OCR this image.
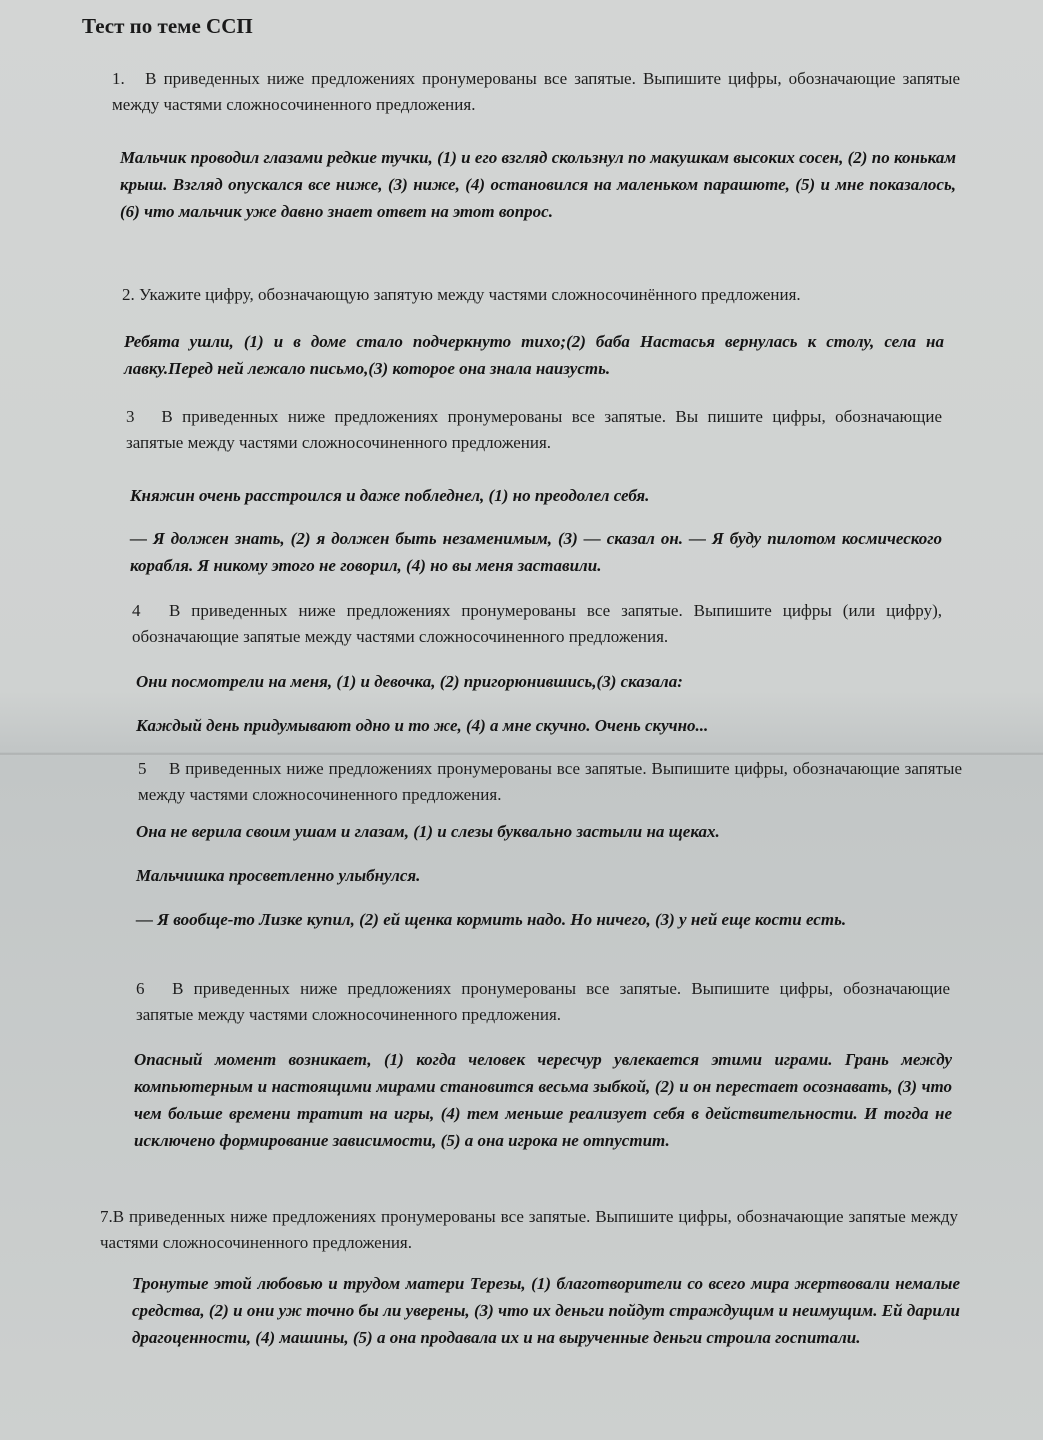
Тест по теме ССП

1. В приведенных ниже предложениях пронумерованы все запятые. Выпишите цифры, обозначающие запятые между частями сложносочиненного предложения.

Мальчик проводил глазами редкие тучки, (1) и его взгляд скользнул по макушкам высоких сосен, (2) по конькам крыш. Взгляд опускался все ниже, (3) ниже, (4) остановился на маленьком парашюте, (5) и мне показалось, (6) что мальчик уже давно знает ответ на этот вопрос.

2. Укажите цифру, обозначающую запятую между частями сложносочинённого предложения.

Ребята ушли, (1) и в доме стало подчеркнуто тихо;(2) баба Настасья вернулась к столу, села на лавку.Перед ней лежало письмо,(3) которое она знала наизусть.

3 В приведенных ниже предложениях пронумерованы все запятые. Вы пишите цифры, обозначающие запятые между частями сложносочиненного предложения.

Княжин очень расстроился и даже побледнел, (1) но преодолел себя.

— Я должен знать, (2) я должен быть незаменимым, (3) — сказал он. — Я буду пилотом космического корабля. Я никому этого не говорил, (4) но вы меня заставили.

4 В приведенных ниже предложениях пронумерованы все запятые. Выпишите цифры (или цифру), обозначающие запятые между частями сложносочиненного предложения.

Они посмотрели на меня, (1) и девочка, (2) пригорюнившись,(3) сказала:

Каждый день придумывают одно и то же, (4) а мне скучно. Очень скучно...

5 В приведенных ниже предложениях пронумерованы все запятые. Выпишите цифры, обозначающие запятые между частями сложносочиненного предложения.

Она не верила своим ушам и глазам, (1) и слезы буквально застыли на щеках.

Мальчишка просветленно улыбнулся.

— Я вообще-то Лизке купил, (2) ей щенка кормить надо. Но ничего, (3) у ней еще кости есть.

6 В приведенных ниже предложениях пронумерованы все запятые. Выпишите цифры, обозначающие запятые между частями сложносочиненного предложения.

Опасный момент возникает, (1) когда человек чересчур увлекается этими играми. Грань между компьютерным и настоящими мирами становится весьма зыбкой, (2) и он перестает осознавать, (3) что чем больше времени тратит на игры, (4) тем меньше реализует себя в действительности. И тогда не исключено формирование зависимости, (5) а она игрока не отпустит.

7.В приведенных ниже предложениях пронумерованы все запятые. Выпишите цифры, обозначающие запятые между частями сложносочиненного предложения.

Тронутые этой любовью и трудом матери Терезы, (1) благотворители со всего мира жертвовали немалые средства, (2) и они уж точно бы ли уверены, (3) что их деньги пойдут страждущим и неимущим. Ей дарили драгоценности, (4) машины, (5) а она продавала их и на вырученные деньги строила госпитали.
